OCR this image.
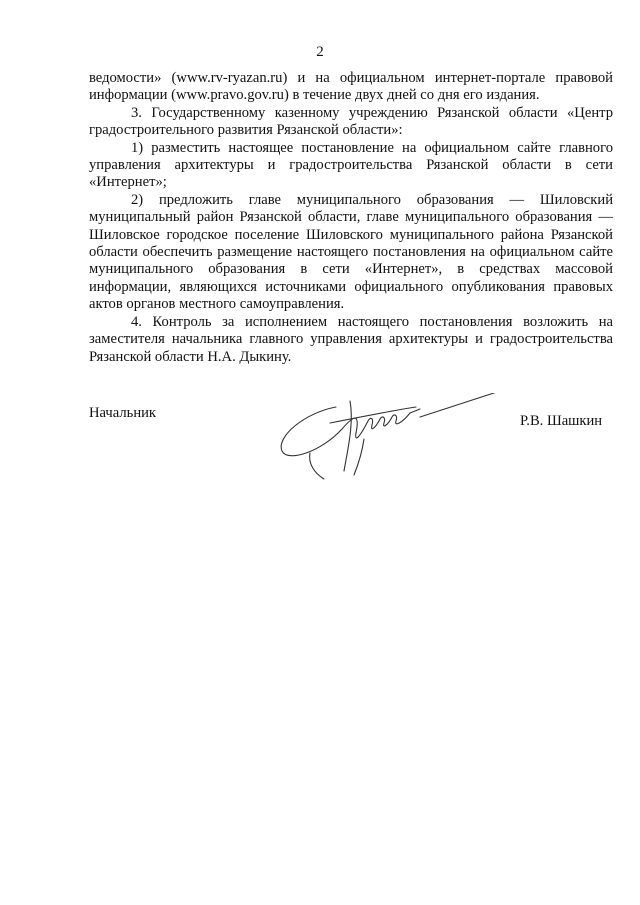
2

ведомости» (www.rv-ryazan.ru) и на официальном интернет-портале правовой информации (www.pravo.gov.ru) в течение двух дней со дня его издания.

3. Государственному казенному учреждению Рязанской области «Центр градостроительного развития Рязанской области»:

1) разместить настоящее постановление на официальном сайте главного управления архитектуры и градостроительства Рязанской области в сети «Интернет»;

2) предложить главе муниципального образования — Шиловский муниципальный район Рязанской области, главе муниципального образования — Шиловское городское поселение Шиловского муниципального района Рязанской области обеспечить размещение настоящего постановления на официальном сайте муниципального образования в сети «Интернет», в средствах массовой информации, являющихся источниками официального опубликования правовых актов органов местного самоуправления.

4. Контроль за исполнением настоящего постановления возложить на заместителя начальника главного управления архитектуры и градостроительства Рязанской области Н.А. Дыкину.

Начальник	Р.В. Шашкин
